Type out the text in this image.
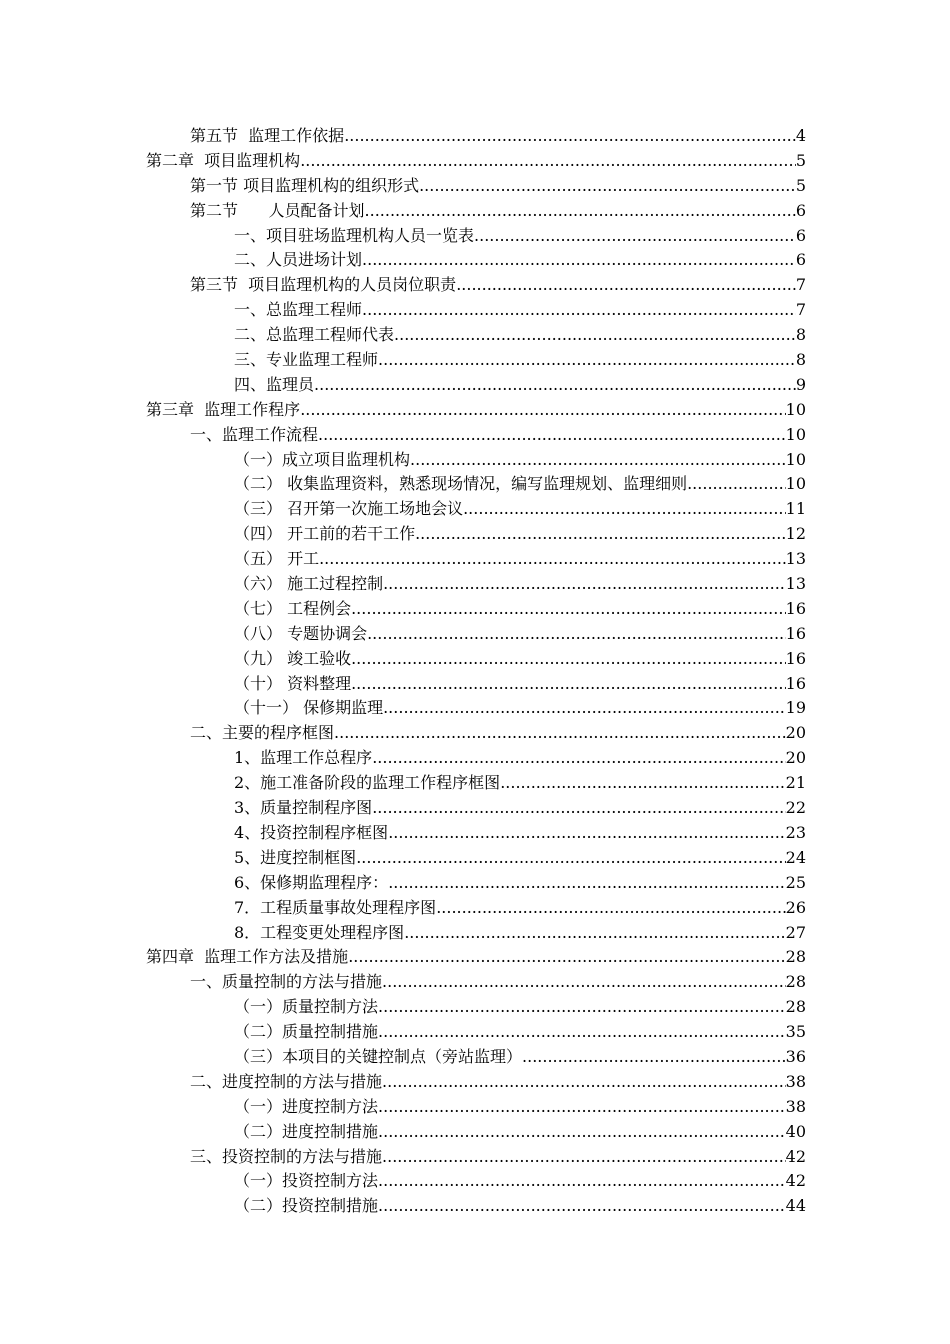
第五节  监理工作依据 .....	4
第二章  项目监理机构 .....	5
第一节 项目监理机构的组织形式 .....	5
第二节      人员配备计划 .....	6
一、项目驻场监理机构人员一览表 .....	6
二、人员进场计划 .....	6
第三节  项目监理机构的人员岗位职责 .....	7
一、总监理工程师 .....	7
二、总监理工程师代表 .....	8
三、专业监理工程师 .....	8
四、监理员 .....	9
第三章  监理工作程序 .....	10
一、监理工作流程 .....	10
（一）成立项目监理机构 .....	10
（二） 收集监理资料，熟悉现场情况，编写监理规划、监理细则 .....	10
（三） 召开第一次施工场地会议 .....	11
（四） 开工前的若干工作 .....	12
（五） 开工 .....	13
（六） 施工过程控制 .....	13
（七） 工程例会 .....	16
（八） 专题协调会 .....	16
（九） 竣工验收 .....	16
（十） 资料整理 .....	16
（十一） 保修期监理 .....	19
二、主要的程序框图 .....	20
1、监理工作总程序 .....	20
2、施工准备阶段的监理工作程序框图 .....	21
3、质量控制程序图 .....	22
4、投资控制程序框图 .....	23
5、进度控制框图 .....	24
6、保修期监理程序： .....	25
7．工程质量事故处理程序图 .....	26
8．工程变更处理程序图 .....	27
第四章  监理工作方法及措施 .....	28
一、质量控制的方法与措施 .....	28
（一）质量控制方法 .....	28
（二）质量控制措施 .....	35
（三）本项目的关键控制点（旁站监理） .....	36
二、进度控制的方法与措施 .....	38
（一）进度控制方法 .....	38
（二）进度控制措施 .....	40
三、投资控制的方法与措施 .....	42
（一）投资控制方法 .....	42
（二）投资控制措施 .....	44
